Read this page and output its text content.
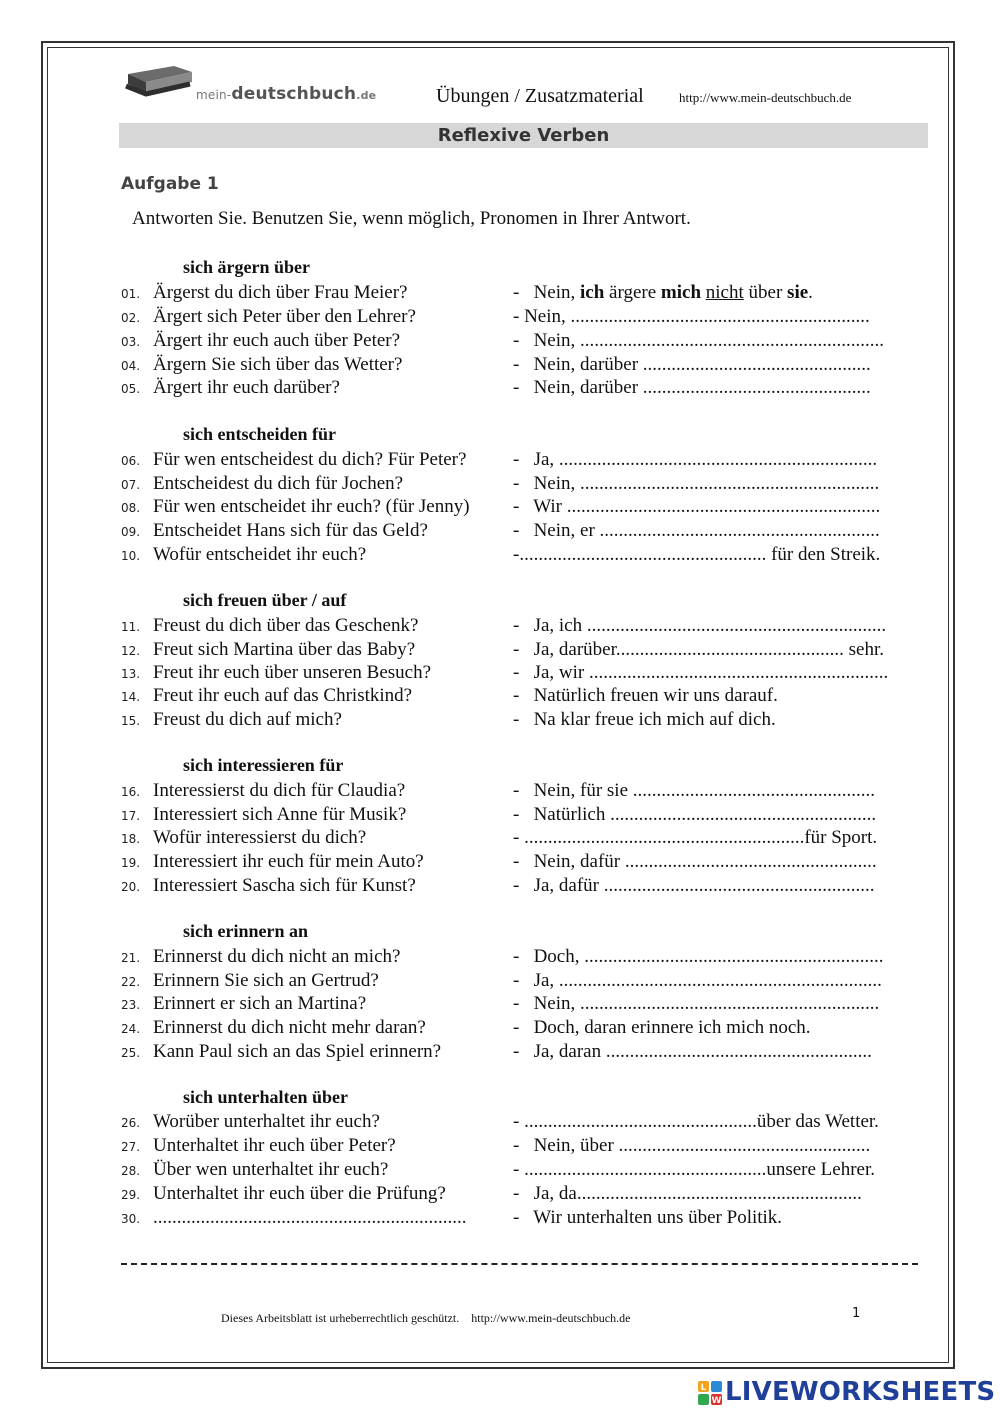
mein-deutschbuch.de	Übungen / Zusatzmaterial	http://www.mein-deutschbuch.de
Reflexive Verben
Aufgabe 1
Antworten Sie. Benutzen Sie, wenn möglich, Pronomen in Ihrer Antwort.
sich ärgern über
01. Ärgerst du dich über Frau Meier?	- Nein, ich ärgere mich nicht über sie.
02. Ärgert sich Peter über den Lehrer?	- Nein, ...............................................................
03. Ärgert ihr euch auch über Peter?	-   Nein, ................................................................
04. Ärgern Sie sich über das Wetter?	-   Nein, darüber ................................................
05. Ärgert ihr euch darüber?	-   Nein, darüber ................................................
sich entscheiden für
06. Für wen entscheidest du dich? Für Peter? -   Ja, ...................................................................
07. Entscheidest du dich für Jochen?	-   Nein, ...............................................................
08. Für wen entscheidet ihr euch? (für Jenny) -   Wir ..................................................................
09. Entscheidet Hans sich für das Geld?	-   Nein, er ...........................................................
10. Wofür entscheidet ihr euch?	-.................................................... für den Streik.
sich freuen über / auf
11. Freust du dich über das Geschenk?	-   Ja, ich ...............................................................
12. Freut sich Martina über das Baby?	-   Ja, darüber................................................ sehr.
13. Freut ihr euch über unseren Besuch?	-   Ja, wir ...............................................................
14. Freut ihr euch auf das Christkind?	-   Natürlich freuen wir uns darauf.
15. Freust du dich auf mich?	-   Na klar freue ich mich auf dich.
sich interessieren für
16. Interessierst du dich für Claudia?	-   Nein, für sie ...................................................
17. Interessiert sich Anne für Musik?	-   Natürlich ........................................................
18. Wofür interessierst du dich?	- ...........................................................für Sport.
19. Interessiert ihr euch für mein Auto?	-   Nein, dafür .....................................................
20. Interessiert Sascha sich für Kunst?	-   Ja, dafür .........................................................
sich erinnern an
21. Erinnerst du dich nicht an mich?	-   Doch, ...............................................................
22. Erinnern Sie sich an Gertrud?	-   Ja, ....................................................................
23. Erinnert er sich an Martina?	-   Nein, ...............................................................
24. Erinnerst du dich nicht mehr daran?	-   Doch, daran erinnere ich mich noch.
25. Kann Paul sich an das Spiel erinnern?	-   Ja, daran ........................................................
sich unterhalten über
26. Worüber unterhaltet ihr euch?	- .................................................über das Wetter.
27. Unterhaltet ihr euch über Peter?	-   Nein, über .....................................................
28. Über wen unterhaltet ihr euch?	- ...................................................unsere Lehrer.
29. Unterhaltet ihr euch über die Prüfung?	-   Ja, da............................................................
30. .................................................................. -   Wir unterhalten uns über Politik.
Dieses Arbeitsblatt ist urheberrechtlich geschützt.    http://www.mein-deutschbuch.de	1
L
W LIVEWORKSHEETS
